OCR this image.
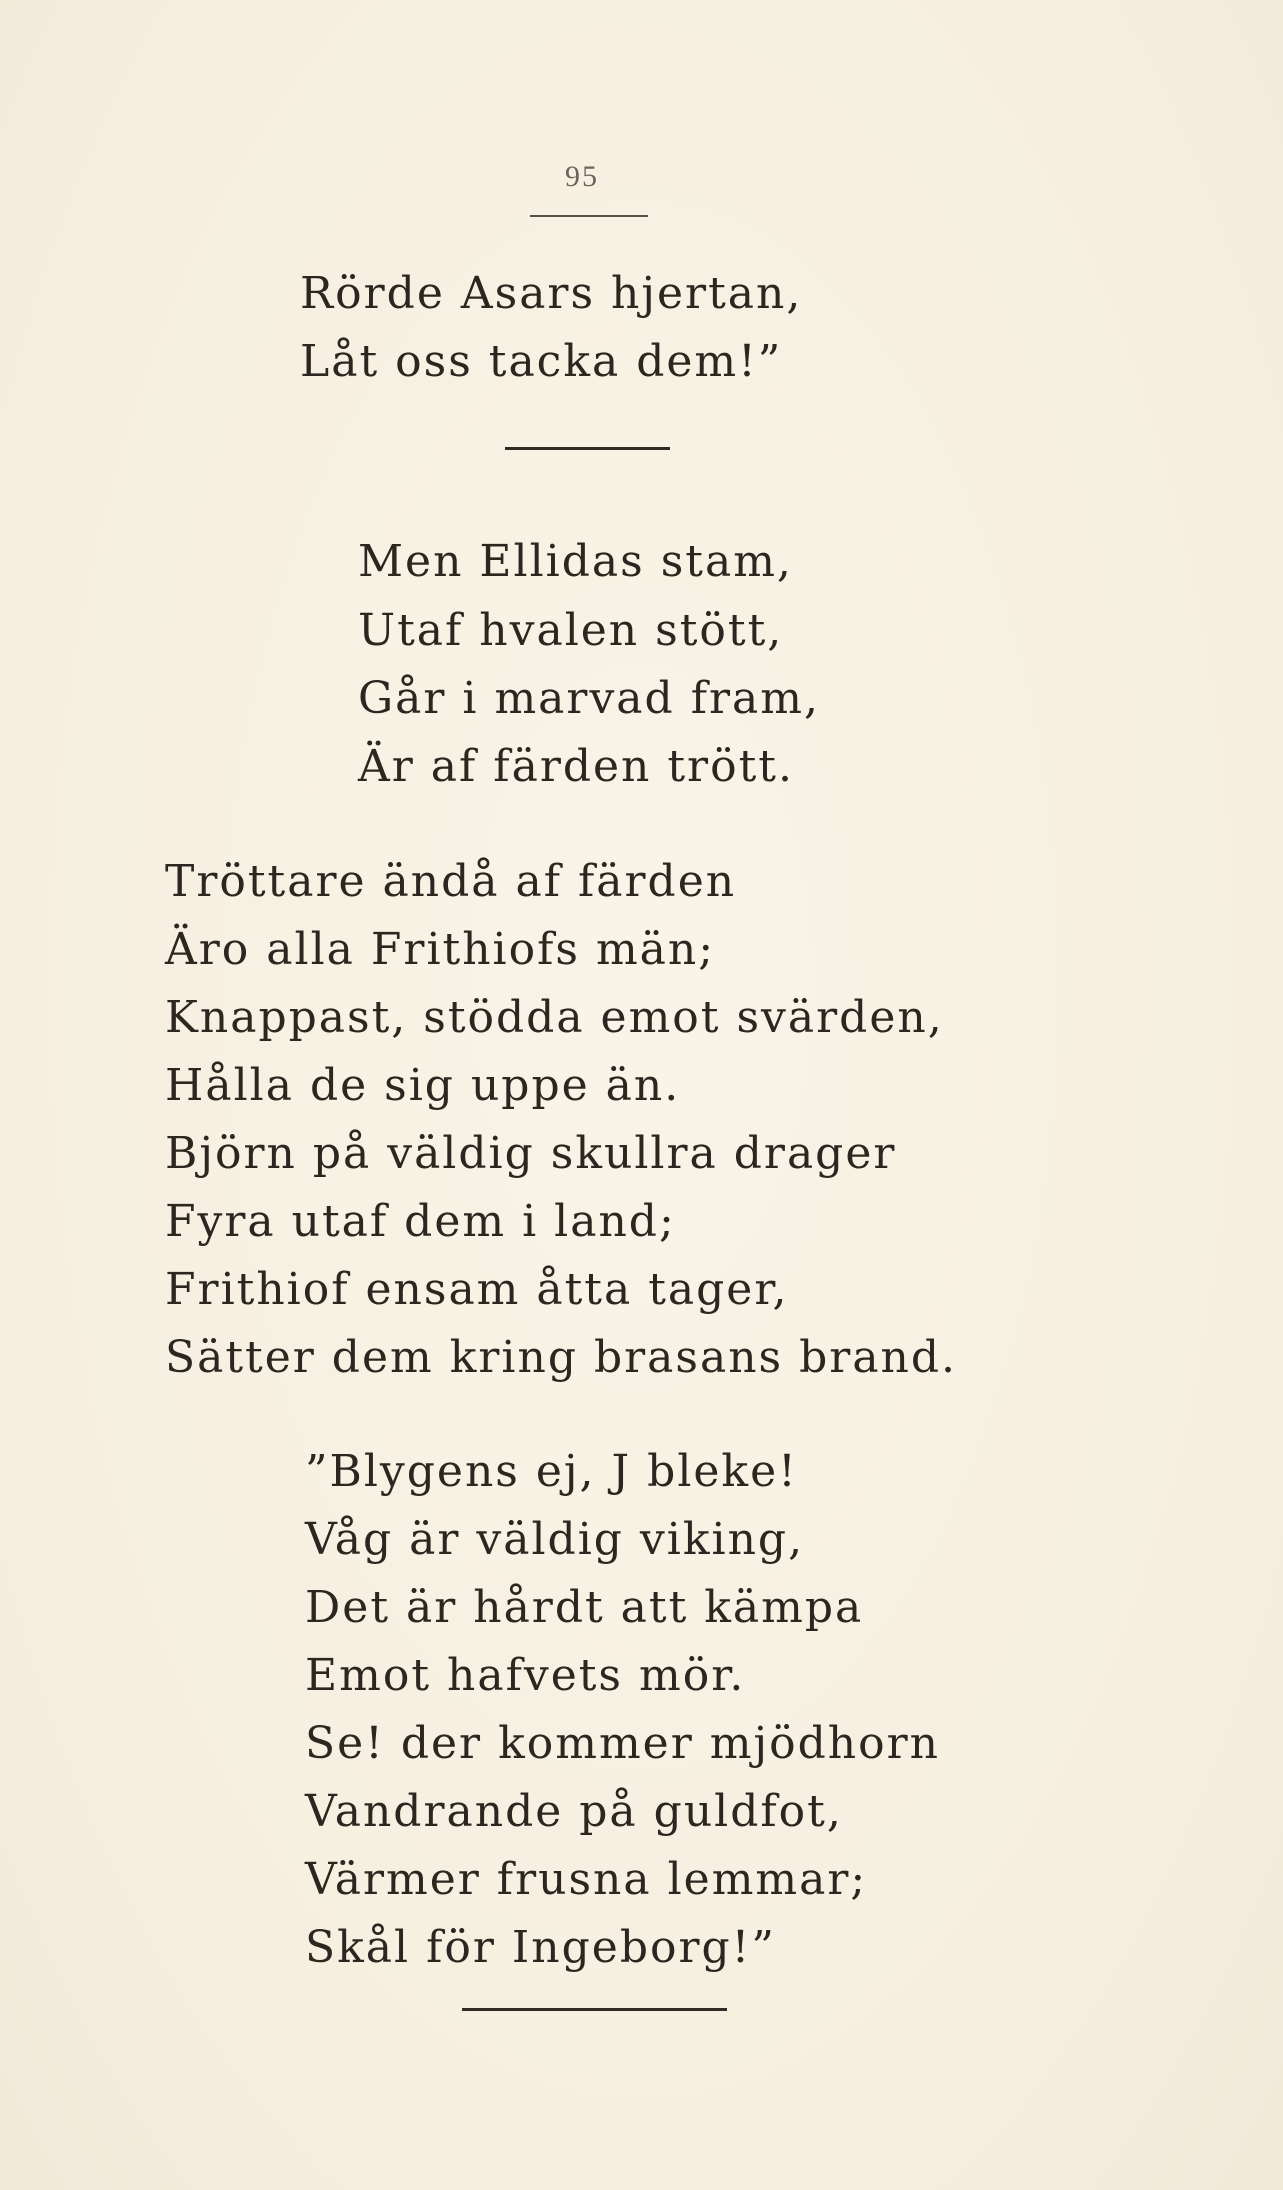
95
Rörde Asars hjertan,
Låt oss tacka dem!”
Men Ellidas stam,
Utaf hvalen stött,
Går i marvad fram,
Är af färden trött.
Tröttare ändå af färden
Äro alla Frithiofs män;
Knappast, stödda emot svärden,
Hålla de sig uppe än.
Björn på väldig skullra drager
Fyra utaf dem i land;
Frithiof ensam åtta tager,
Sätter dem kring brasans brand.
”Blygens ej, J bleke!
Våg är väldig viking,
Det är hårdt att kämpa
Emot hafvets mör.
Se! der kommer mjödhorn
Vandrande på guldfot,
Värmer frusna lemmar;
Skål för Ingeborg!”
